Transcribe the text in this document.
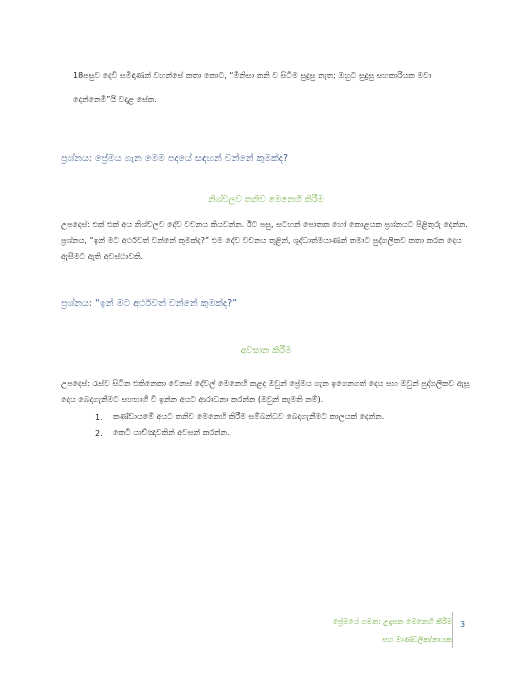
18පසුව දෙවි සමිඳාණන් වහන්සේ කතා කොට, “මිනිසා තනි ව සිටීම සුදුසු නැත; ඔහුට සුදුසු සහකාරියක මවා
දෙන්නෙමි”යි වදාළ සේක.
ප්‍රශ්නය: ප්‍රේමය ගැන මෙම පදයේ සඳහන් වන්නේ කුමක්ද?
නිශ්චලව තනිව මෙනෙහි කිරීම
උපදෙස්: එක් එක් අය නිශ්චලව දේව වචනය කියවන්න. ඊට පසු, සටහන් පොතක හෝ කොළයක ප්‍රශ්නයට පිළිතුරු දෙන්න. ප්‍රශ්නය, “ඉන් මට අර්ථවත් වන්නේ කුමක්ද?” එම දේව වචනය තුළින්, ශුද්ධාත්මයාණන් තමාට පුද්ගලිකව කතා කරන දෙය ඇසීමට ඇති අවස්ථාවකි.
ප්‍රශ්නය: “ඉන් මට අර්ථවත් වන්නේ කුමක්ද?”
අවසාන කිරීම
උපදෙස්: රැස්ව සිටින එකිනෙකා වෙනස් දේවල් මෙනෙහි කළද ඔවුන් ප්‍රේමය ගැන ඉගෙනගත් දෙය සහ ඔවුන් පුද්ගලිකව ඇසූ දෙය බෙදාගැනීමට සහභාගී වී ඉන්න අයට ආරාධනා කරන්න (ඔවුන් කැමති නම්).
1.	කණ්ඩායමේ අයට තනිව මෙනෙහි කිරීම සම්බන්ධව බෙදාගැනීමට කාලයක් දෙන්න.
2.	කෙටි යාච්ඤාවකින් අවසන් කරන්න.
ප්‍රේමයේ ගමන: උදෑසන මෙනෙහි කිරීම
සහ මාණ්ඩලික/නායක
3
